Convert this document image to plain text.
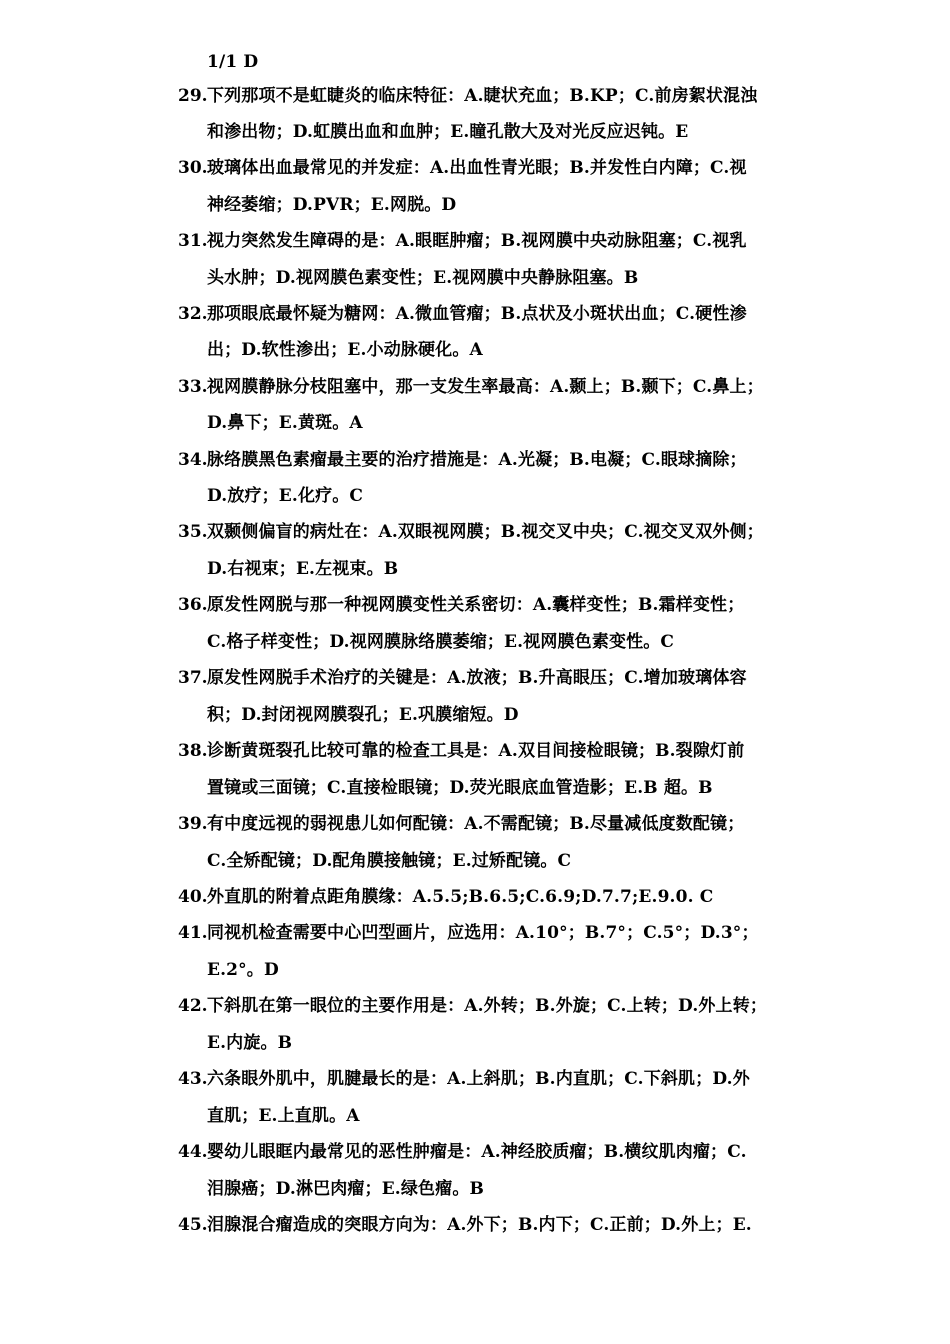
1/1 D
29. 下列那项不是虹睫炎的临床特征：A.睫状充血；B.KP；C.前房絮状混浊
和渗出物；D.虹膜出血和血肿；E.瞳孔散大及对光反应迟钝。E
30. 玻璃体出血最常见的并发症：A.出血性青光眼；B.并发性白内障；C.视
神经萎缩；D.PVR；E.网脱。D
31. 视力突然发生障碍的是：A.眼眶肿瘤；B.视网膜中央动脉阻塞；C.视乳
头水肿；D.视网膜色素变性；E.视网膜中央静脉阻塞。B
32. 那项眼底最怀疑为糖网：A.微血管瘤；B.点状及小斑状出血；C.硬性渗
出；D.软性渗出；E.小动脉硬化。A
33. 视网膜静脉分枝阻塞中，那一支发生率最高：A.颞上；B.颞下；C.鼻上；
D.鼻下；E.黄斑。A
34. 脉络膜黑色素瘤最主要的治疗措施是：A.光凝；B.电凝；C.眼球摘除；
D.放疗；E.化疗。C
35. 双颞侧偏盲的病灶在：A.双眼视网膜；B.视交叉中央；C.视交叉双外侧；
D.右视束；E.左视束。B
36. 原发性网脱与那一种视网膜变性关系密切：A.囊样变性；B.霜样变性；
C.格子样变性；D.视网膜脉络膜萎缩；E.视网膜色素变性。C
37. 原发性网脱手术治疗的关键是：A.放液；B.升高眼压；C.增加玻璃体容
积；D.封闭视网膜裂孔；E.巩膜缩短。D
38. 诊断黄斑裂孔比较可靠的检查工具是：A.双目间接检眼镜；B.裂隙灯前
置镜或三面镜；C.直接检眼镜；D.荧光眼底血管造影；E.B 超。B
39. 有中度远视的弱视患儿如何配镜：A.不需配镜；B.尽量减低度数配镜；
C.全矫配镜；D.配角膜接触镜；E.过矫配镜。C
40. 外直肌的附着点距角膜缘：A.5.5;B.6.5;C.6.9;D.7.7;E.9.0. C
41. 同视机检查需要中心凹型画片，应选用：A.10°；B.7°；C.5°；D.3°；
E.2°。D
42. 下斜肌在第一眼位的主要作用是：A.外转；B.外旋；C.上转；D.外上转；
E.内旋。B
43. 六条眼外肌中，肌腱最长的是：A.上斜肌；B.内直肌；C.下斜肌；D.外
直肌；E.上直肌。A
44. 婴幼儿眼眶内最常见的恶性肿瘤是：A.神经胶质瘤；B.横纹肌肉瘤；C.
泪腺癌；D.淋巴肉瘤；E.绿色瘤。B
45. 泪腺混合瘤造成的突眼方向为：A.外下；B.内下；C.正前；D.外上；E.
